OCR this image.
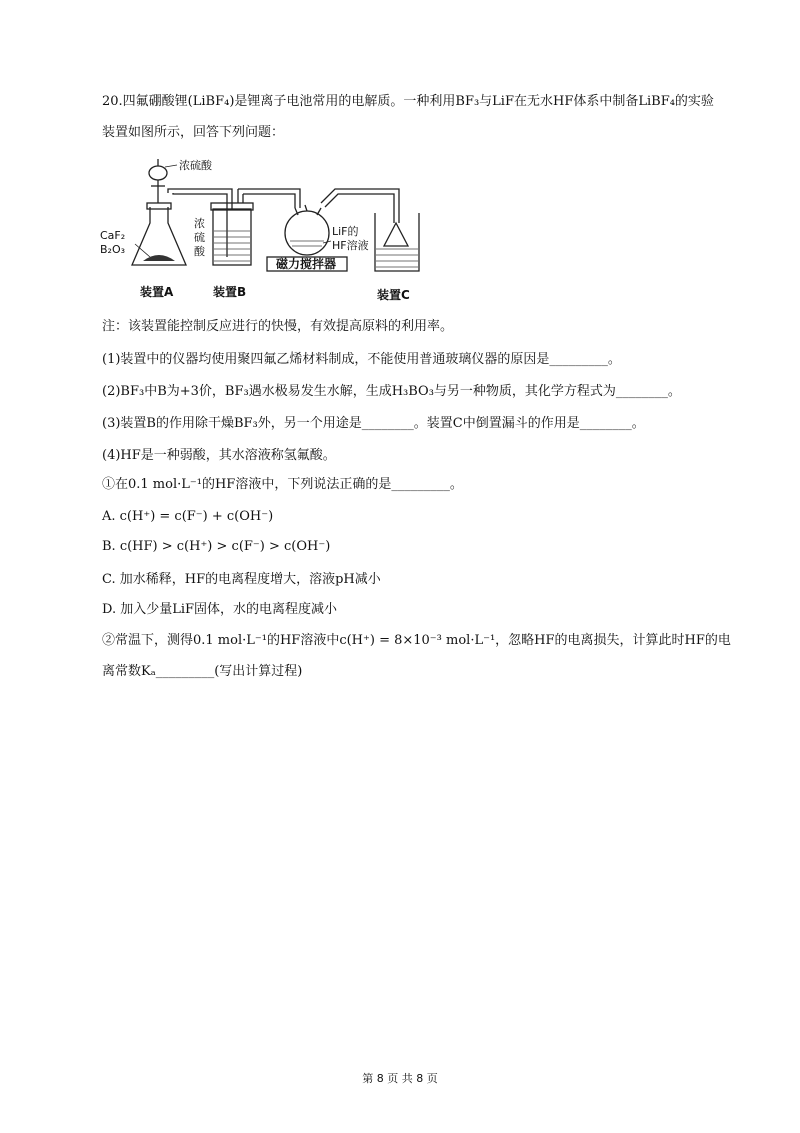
20.四氟硼酸锂(LiBF₄)是锂离子电池常用的电解质。一种利用BF₃与LiF在无水HF体系中制备LiBF₄的实验
装置如图所示，回答下列问题：
浓硫酸
CaF₂
B₂O₃
浓
硫
酸
LiF的
HF溶液
磁力搅拌器
装置A	装置B	装置C
注：该装置能控制反应进行的快慢，有效提高原料的利用率。
(1)装置中的仪器均使用聚四氟乙烯材料制成，不能使用普通玻璃仪器的原因是_________。
(2)BF₃中B为+3价，BF₃遇水极易发生水解，生成H₃BO₃与另一种物质，其化学方程式为________。
(3)装置B的作用除干燥BF₃外，另一个用途是________。装置C中倒置漏斗的作用是________。
(4)HF是一种弱酸，其水溶液称氢氟酸。
①在0.1 mol·L⁻¹的HF溶液中，下列说法正确的是_________。
A. c(H⁺) = c(F⁻) + c(OH⁻)
B. c(HF) > c(H⁺) > c(F⁻) > c(OH⁻)
C. 加水稀释，HF的电离程度增大，溶液pH减小
D. 加入少量LiF固体，水的电离程度减小
②常温下，测得0.1 mol·L⁻¹的HF溶液中c(H⁺) = 8×10⁻³ mol·L⁻¹，忽略HF的电离损失，计算此时HF的电
离常数Kₐ_________(写出计算过程)
第 8 页 共 8 页
